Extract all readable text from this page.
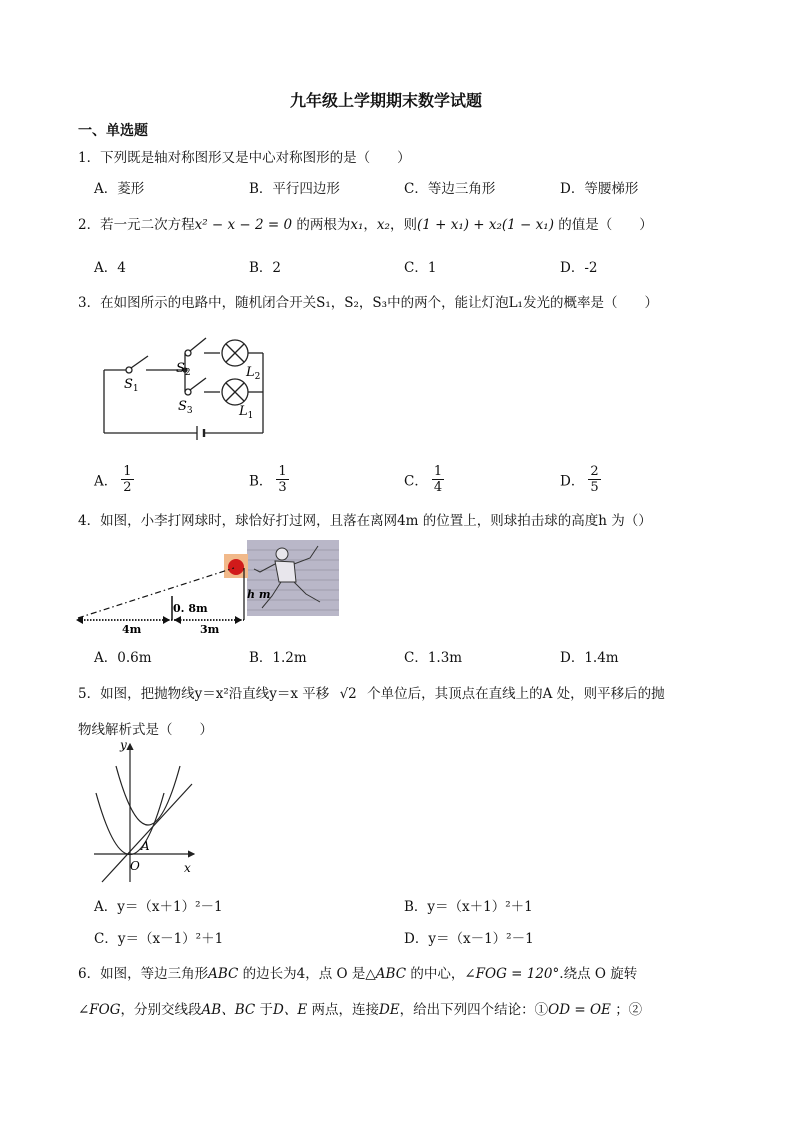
九年级上学期期末数学试题
一、单选题
1．下列既是轴对称图形又是中心对称图形的是（　　）
A．菱形	B．平行四边形	C．等边三角形	D．等腰梯形
2．若一元二次方程x² − x − 2 = 0 的两根为x₁，x₂，则(1 + x₁) + x₂(1 − x₁) 的值是（　　）
A．4	B．2	C．1	D．-2
3．在如图所示的电路中，随机闭合开关S₁，S₂，S₃中的两个，能让灯泡L₁发光的概率是（　　）
$S_1$
$S_2$
$S_3$
$L_2$
$L_1$
A． $\frac{1}{2}$	B． $\frac{1}{3}$	C． $\frac{1}{4}$	D． $\frac{2}{5}$
4．如图，小李打网球时，球恰好打过网，且落在离网4m 的位置上，则球拍击球的高度h 为（）
0. 8m
4m	3m
h m
A．0.6m	B．1.2m	C．1.3m	D．1.4m
5．如图，把抛物线y＝x²沿直线y＝x 平移 √2 个单位后，其顶点在直线上的A 处，则平移后的抛
物线解析式是（　　）
y
x
O
A
A．y＝（x＋1）²－1	B．y＝（x＋1）²＋1
C．y＝（x－1）²＋1	D．y＝（x－1）²－1
6．如图，等边三角形ABC 的边长为4，点 O 是△ABC 的中心，∠FOG = 120°.绕点 O 旋转
∠FOG，分别交线段AB、BC 于D、E 两点，连接DE，给出下列四个结论：①OD = OE ；②
